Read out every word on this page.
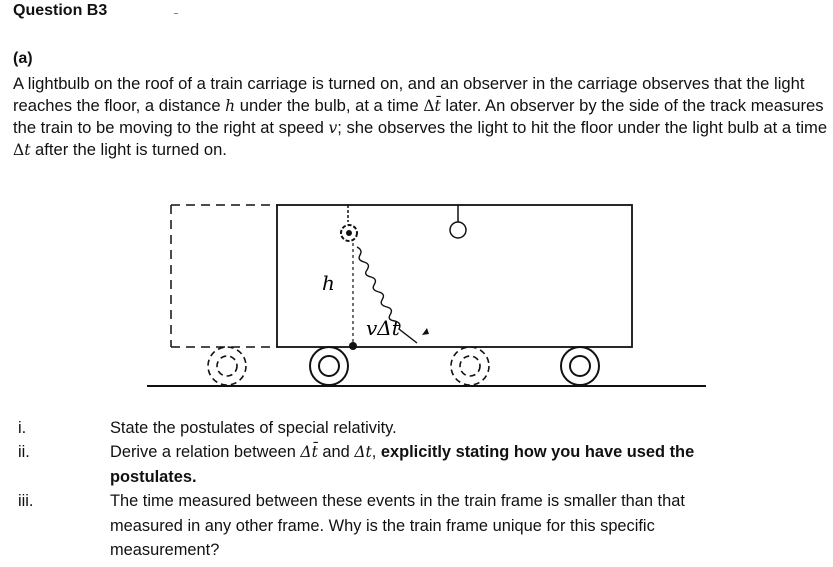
Question B3
(a)
A lightbulb on the roof of a train carriage is turned on, and an observer in the carriage observes that the light reaches the floor, a distance h under the bulb, at a time Δt̄ later. An observer by the side of the track measures the train to be moving to the right at speed v; she observes the light to hit the floor under the light bulb at a time Δt after the light is turned on.
h
vΔt
i.	State the postulates of special relativity.
ii.	Derive a relation between Δt̄ and Δt, explicitly stating how you have used the postulates.
iii.	The time measured between these events in the train frame is smaller than that measured in any other frame. Why is the train frame unique for this specific measurement?
